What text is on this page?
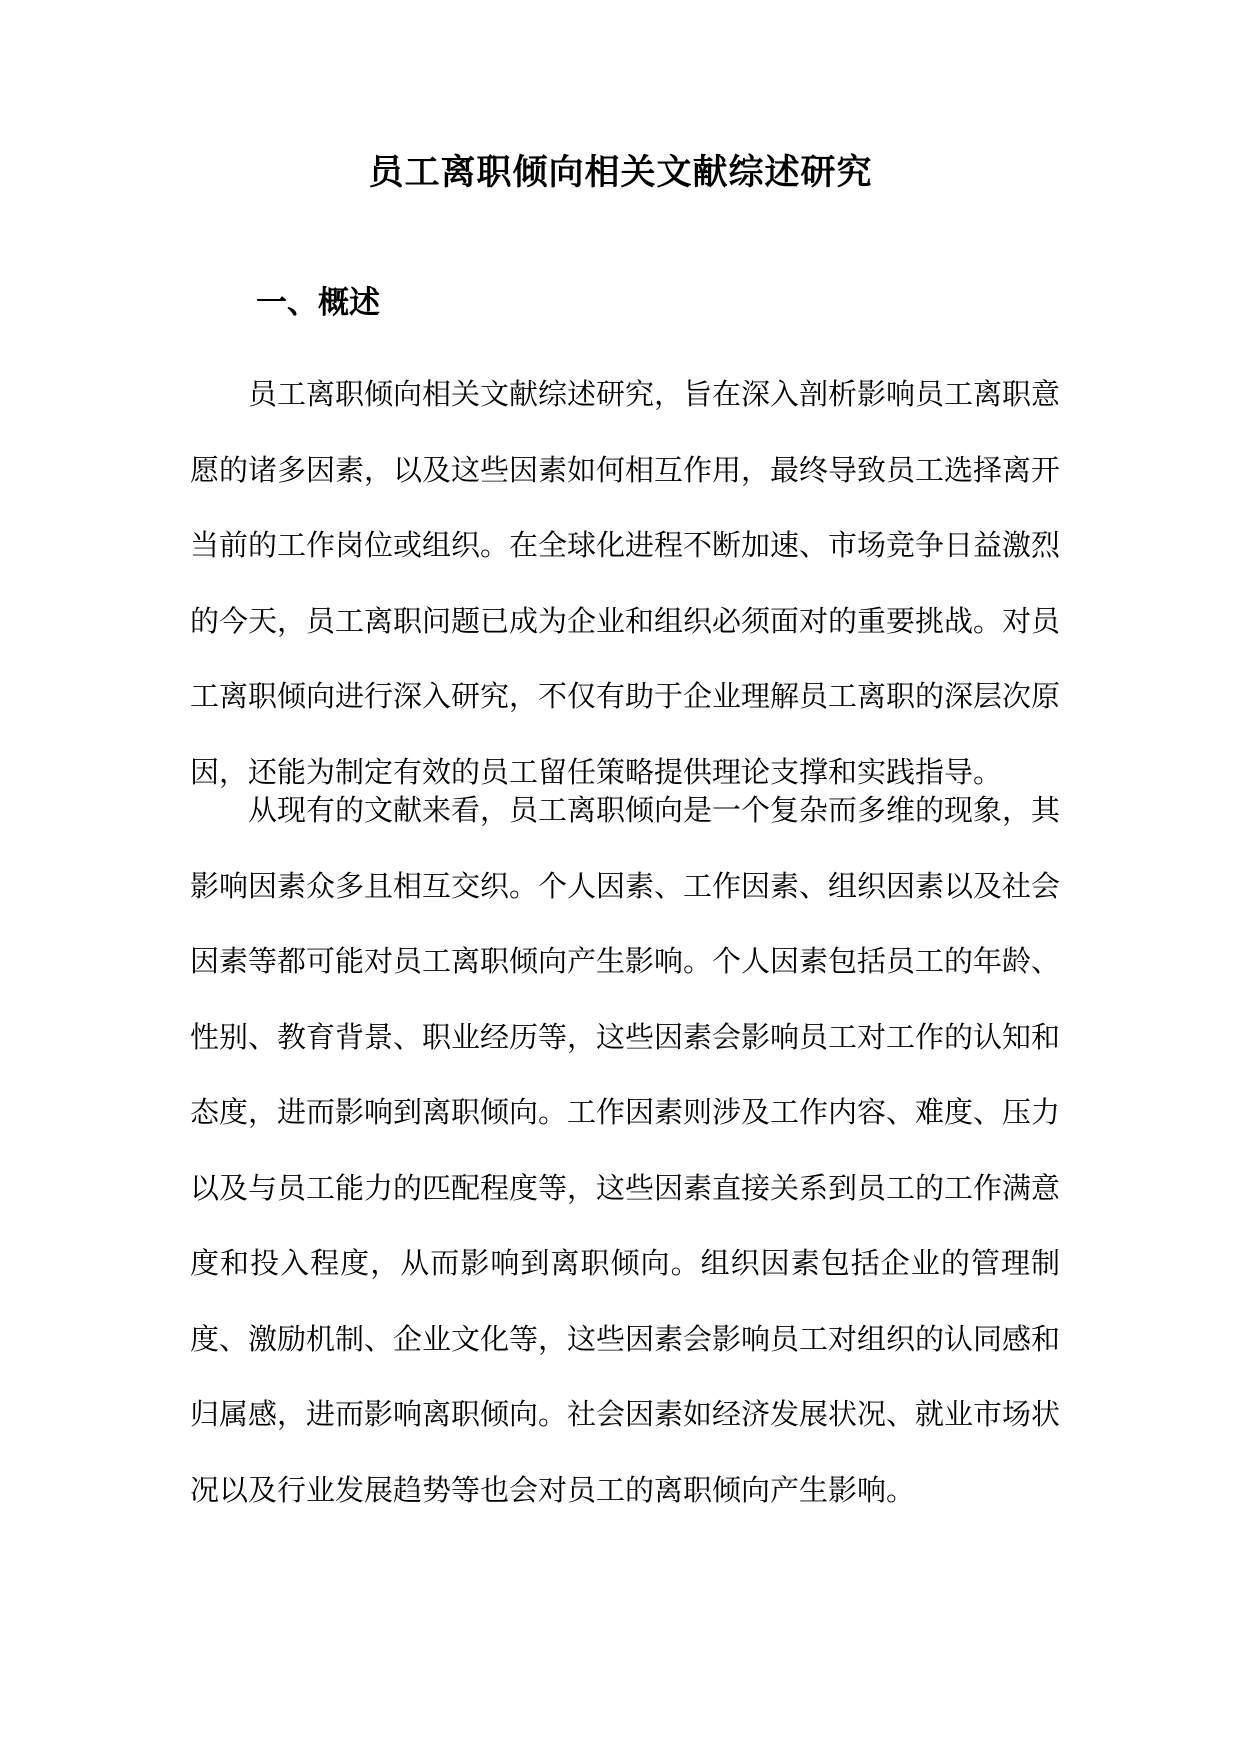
员工离职倾向相关文献综述研究
一、概述

员工离职倾向相关文献综述研究，旨在深入剖析影响员工离职意愿的诸多因素，以及这些因素如何相互作用，最终导致员工选择离开当前的工作岗位或组织。在全球化进程不断加速、市场竞争日益激烈的今天，员工离职问题已成为企业和组织必须面对的重要挑战。对员工离职倾向进行深入研究，不仅有助于企业理解员工离职的深层次原因，还能为制定有效的员工留任策略提供理论支撑和实践指导。

从现有的文献来看，员工离职倾向是一个复杂而多维的现象，其影响因素众多且相互交织。个人因素、工作因素、组织因素以及社会因素等都可能对员工离职倾向产生影响。个人因素包括员工的年龄、性别、教育背景、职业经历等，这些因素会影响员工对工作的认知和态度，进而影响到离职倾向。工作因素则涉及工作内容、难度、压力以及与员工能力的匹配程度等，这些因素直接关系到员工的工作满意度和投入程度，从而影响到离职倾向。组织因素包括企业的管理制度、激励机制、企业文化等，这些因素会影响员工对组织的认同感和归属感，进而影响离职倾向。社会因素如经济发展状况、就业市场状况以及行业发展趋势等也会对员工的离职倾向产生影响。
